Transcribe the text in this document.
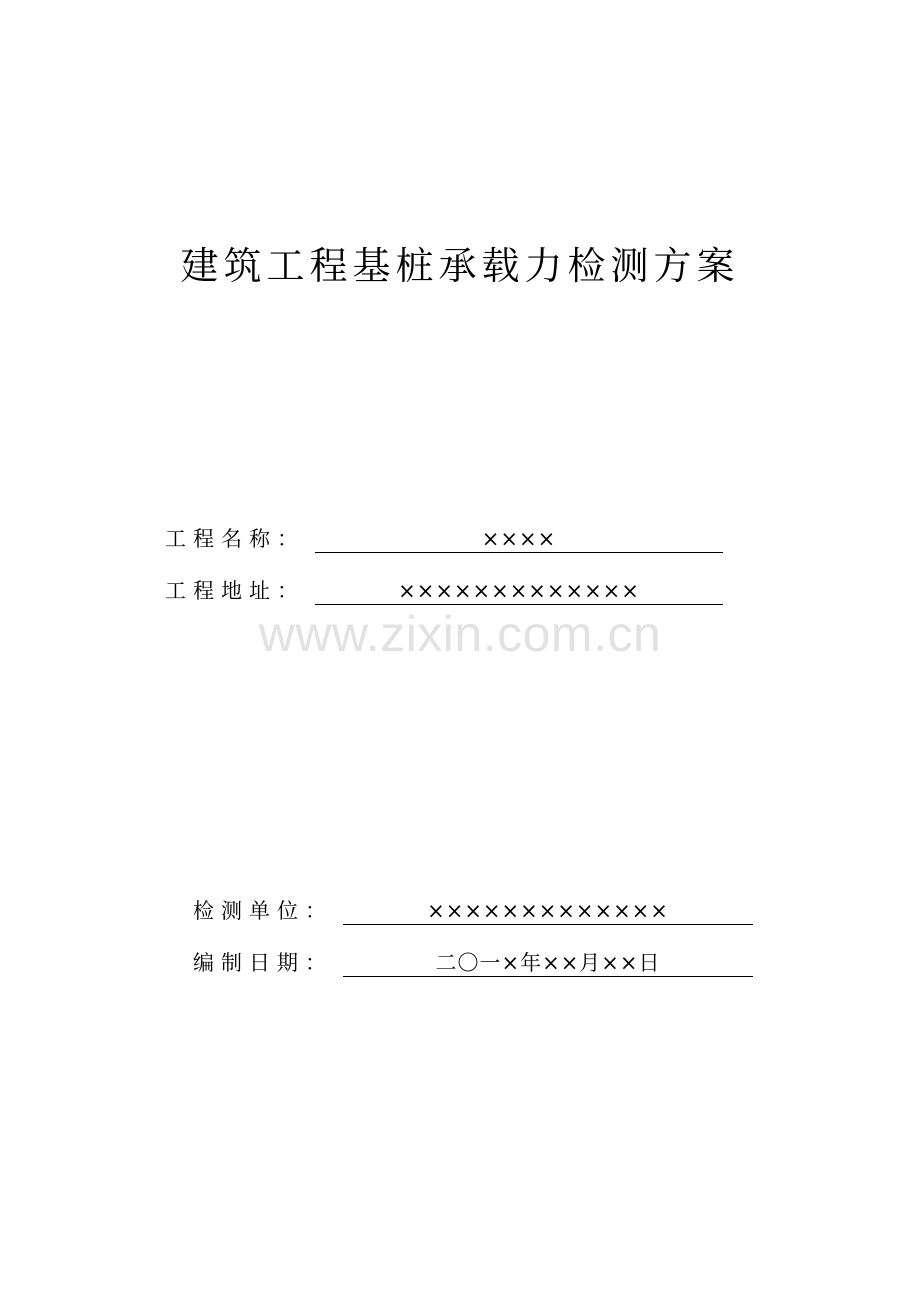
建筑工程基桩承载力检测方案
工程名称：	××××
工程地址：	×××××××××××××
www.zixin.com.cn
检测单位：	×××××××××××××
编制日期：	二〇一×年××月××日
